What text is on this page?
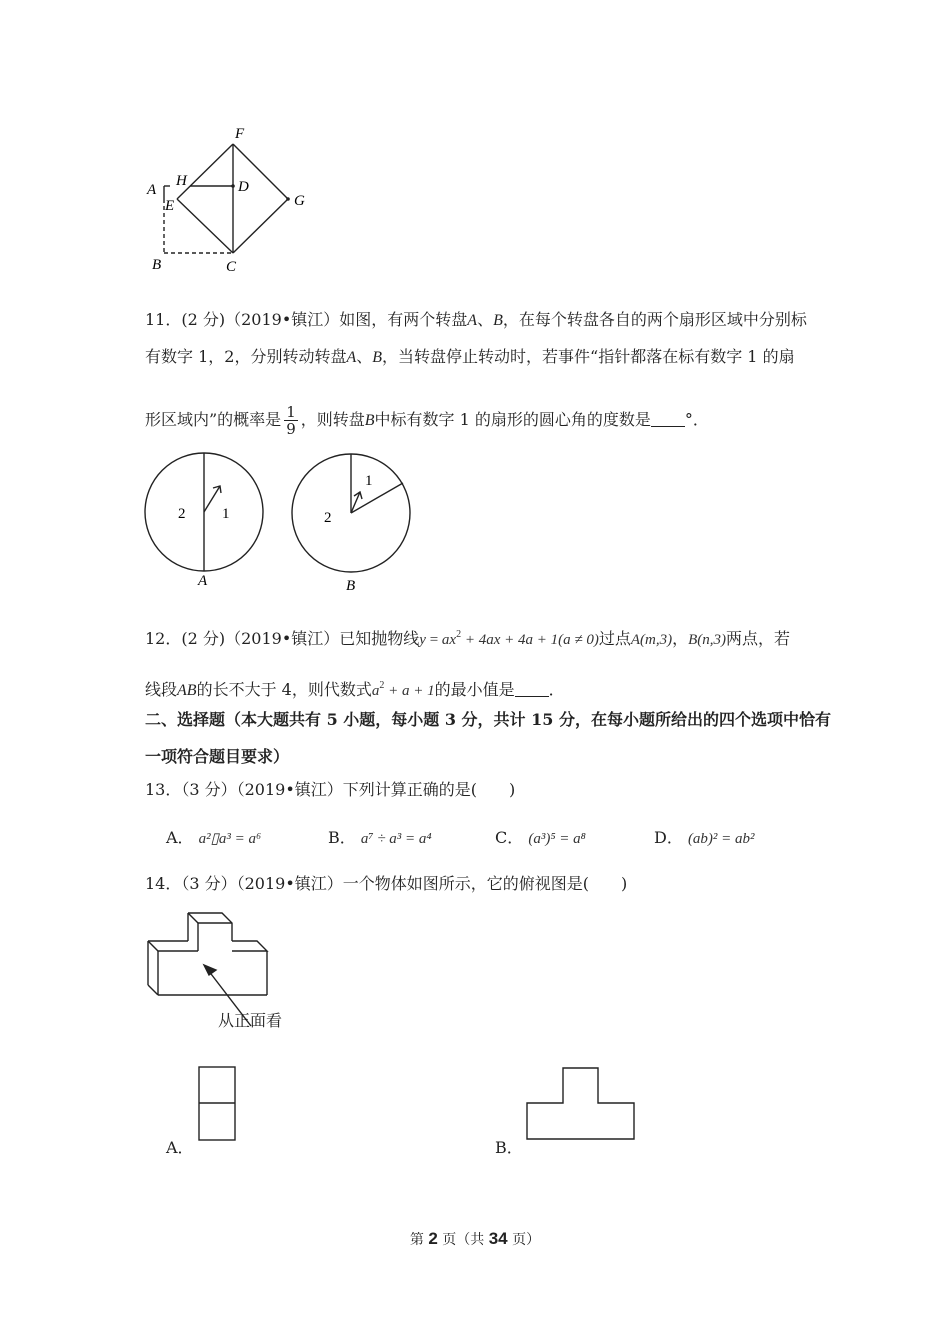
F
H	D
A
E	G
B	C
11．(2 分)（2019•镇江）如图，有两个转盘A、B，在每个转盘各自的两个扇形区域中分别标
有数字 1，2，分别转动转盘A、B，当转盘停止转动时，若事件“指针都落在标有数字 1 的扇
形区域内”的概率是 $\frac{1}{9}$ ，则转盘B中标有数字 1 的扇形的圆心角的度数是 °．
2 1
A
1
2
B
12．(2 分)（2019•镇江）已知抛物线$y = ax^2 + 4ax + 4a + 1(a \ne 0)$过点A(m,3)，B(n,3)两点，若
线段AB的长不大于 4，则代数式$a^2 + a + 1$的最小值是 ．
二、选择题（本大题共有 5 小题，每小题 3 分，共计 15 分，在每小题所给出的四个选项中恰有
一项符合题目要求）
13．（3 分）（2019•镇江）下列计算正确的是(　　)
A． a²▯a³ = a⁶	B． a⁷ ÷ a³ = a⁴	C． (a³)⁵ = a⁸	D． (ab)² = ab²
14．（3 分）（2019•镇江）一个物体如图所示，它的俯视图是(　　)
从正面看
A．	B．
第 2 页（共 34 页）
